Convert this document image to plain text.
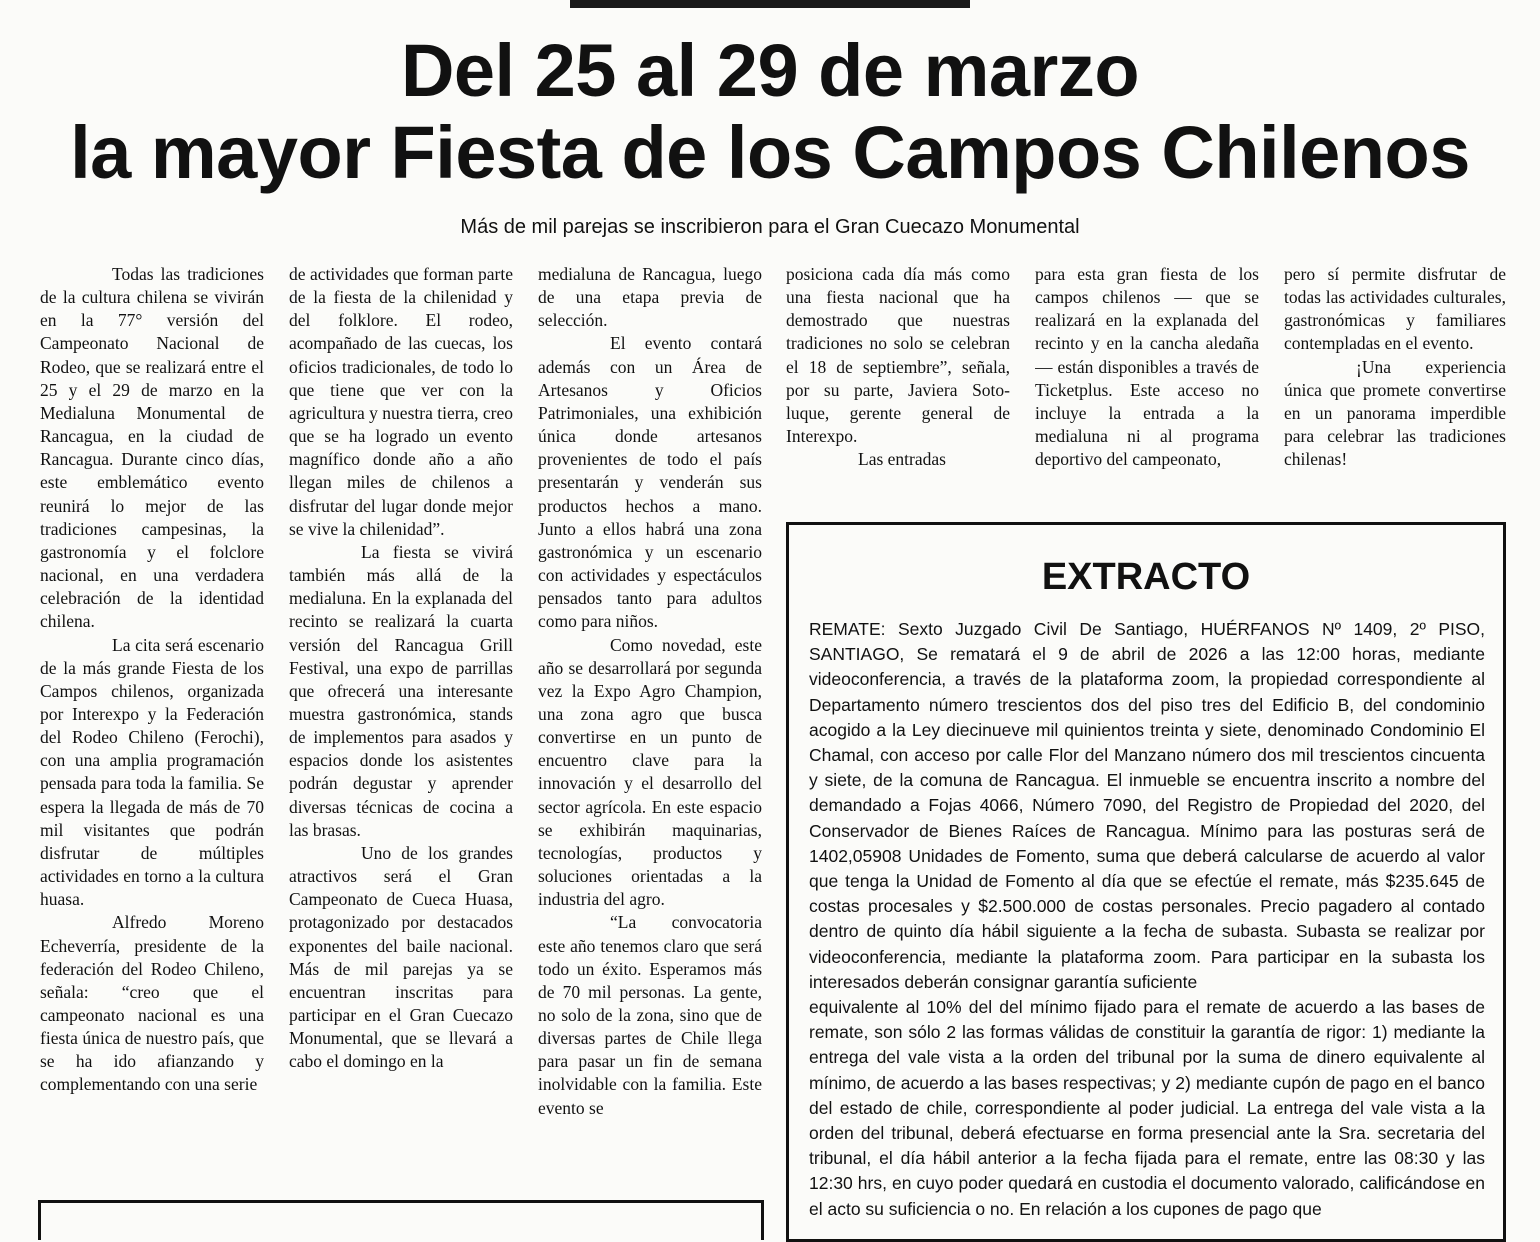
Del 25 al 29 de marzo
la mayor Fiesta de los Campos Chilenos
Más de mil parejas se inscribieron para el Gran Cuecazo Monumental

Todas las tradiciones de la cultura chilena se vivirán en la 77° versión del Campeonato Nacional de Rodeo, que se realizará entre el 25 y el 29 de marzo en la Medialuna Monumental de Rancagua, en la ciudad de Rancagua. Durante cinco días, este emblemático evento reunirá lo mejor de las tradiciones campesinas, la gastronomía y el folclore nacional, en una verdadera celebración de la identidad chilena.

La cita será escenario de la más grande Fiesta de los Campos chilenos, organizada por Interexpo y la Federación del Rodeo Chileno (Ferochi), con una amplia programación pensada para toda la familia. Se espera la llegada de más de 70 mil visitantes que podrán disfrutar de múltiples actividades en torno a la cultura huasa.

Alfredo Moreno Echeverría, presidente de la federación del Rodeo Chileno, señala: “creo que el campeonato nacional es una fiesta única de nuestro país, que se ha ido afianzando y complementando con una serie

de actividades que forman parte de la fiesta de la chilenidad y del folklore. El rodeo, acompañado de las cuecas, los oficios tradicionales, de todo lo que tiene que ver con la agricultura y nuestra tierra, creo que se ha logrado un evento magnífico donde año a año llegan miles de chilenos a disfrutar del lugar donde mejor se vive la chilenidad”.

La fiesta se vivirá también más allá de la medialuna. En la explanada del recinto se realizará la cuarta versión del Rancagua Grill Festival, una expo de parrillas que ofrecerá una interesante muestra gastronómica, stands de implementos para asados y espacios donde los asistentes podrán degustar y aprender diversas técnicas de cocina a las brasas.

Uno de los grandes atractivos será el Gran Campeonato de Cueca Huasa, protagonizado por destacados exponentes del baile nacional. Más de mil parejas ya se encuentran inscritas para participar en el Gran Cuecazo Monumental, que se llevará a cabo el domingo en la

medialuna de Rancagua, luego de una etapa previa de selección.

El evento contará además con un Área de Artesanos y Oficios Patrimoniales, una exhibición única donde artesanos provenientes de todo el país presentarán y venderán sus productos hechos a mano. Junto a ellos habrá una zona gastronómica y un escenario con actividades y espectáculos pensados tanto para adultos como para niños.

Como novedad, este año se desarrollará por segunda vez la Expo Agro Champion, una zona agro que busca convertirse en un punto de encuentro clave para la innovación y el desarrollo del sector agrícola. En este espacio se exhibirán maquinarias, tecnologías, productos y soluciones orientadas a la industria del agro.

“La convocatoria este año tenemos claro que será todo un éxito. Esperamos más de 70 mil personas. La gente, no solo de la zona, sino que de diversas partes de Chile llega para pasar un fin de semana inolvidable con la familia. Este evento se

posiciona cada día más como una fiesta nacional que ha demostrado que nuestras tradiciones no solo se celebran el 18 de septiembre”, señala, por su parte, Javiera Soto-luque, gerente general de Interexpo.

Las entradas

para esta gran fiesta de los campos chilenos — que se realizará en la explanada del recinto y en la cancha aledaña— están disponibles a través de Ticketplus. Este acceso no incluye la entrada a la medialuna ni al programa deportivo del campeonato,

pero sí permite disfrutar de todas las actividades culturales, gastronómicas y familiares contempladas en el evento.

¡Una experiencia única que promete convertirse en un panorama imperdible para celebrar las tradiciones chilenas!

EXTRACTO

REMATE: Sexto Juzgado Civil De Santiago, HUÉRFANOS Nº 1409, 2º PISO, SANTIAGO, Se rematará el 9 de abril de 2026 a las 12:00 horas, mediante videoconferencia, a través de la plataforma zoom, la propiedad correspondiente al Departamento número trescientos dos del piso tres del Edificio B, del condominio acogido a la Ley diecinueve mil quinientos treinta y siete, denominado Condominio El Chamal, con acceso por calle Flor del Manzano número dos mil trescientos cincuenta y siete, de la comuna de Rancagua. El inmueble se encuentra inscrito a nombre del demandado a Fojas 4066, Número 7090, del Registro de Propiedad del 2020, del Conservador de Bienes Raíces de Rancagua. Mínimo para las posturas será de 1402,05908 Unidades de Fomento, suma que deberá calcularse de acuerdo al valor que tenga la Unidad de Fomento al día que se efectúe el remate, más $235.645 de costas procesales y $2.500.000 de costas personales. Precio pagadero al contado dentro de quinto día hábil siguiente a la fecha de subasta. Subasta se realizar por videoconferencia, mediante la plataforma zoom. Para participar en la subasta los interesados deberán consignar garantía suficiente

equivalente al 10% del del mínimo fijado para el remate de acuerdo a las bases de remate, son sólo 2 las formas válidas de constituir la garantía de rigor: 1) mediante la entrega del vale vista a la orden del tribunal por la suma de dinero equivalente al mínimo, de acuerdo a las bases respectivas; y 2) mediante cupón de pago en el banco del estado de chile, correspondiente al poder judicial. La entrega del vale vista a la orden del tribunal, deberá efectuarse en forma presencial ante la Sra. secretaria del tribunal, el día hábil anterior a la fecha fijada para el remate, entre las 08:30 y las 12:30 hrs, en cuyo poder quedará en custodia el documento valorado, calificándose en el acto su suficiencia o no. En relación a los cupones de pago que
